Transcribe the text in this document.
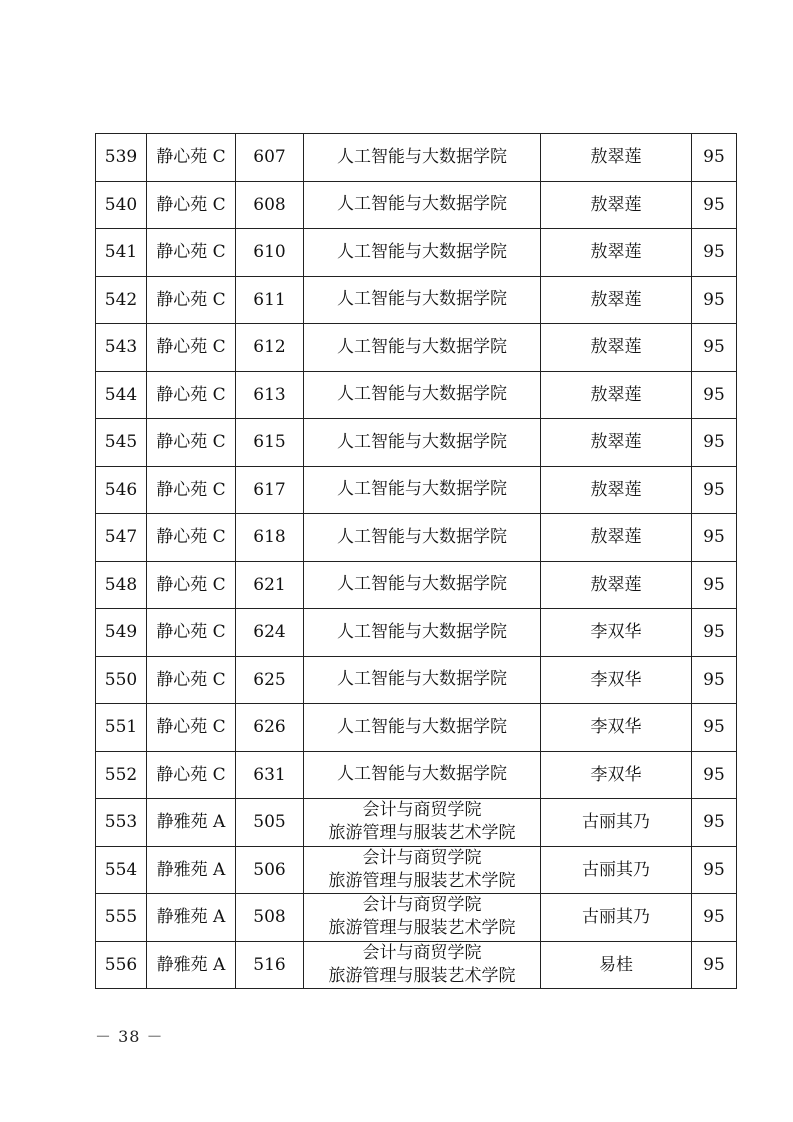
539	静心苑 C	607	人工智能与大数据学院	敖翠莲	95
540	静心苑 C	608	人工智能与大数据学院	敖翠莲	95
541	静心苑 C	610	人工智能与大数据学院	敖翠莲	95
542	静心苑 C	611	人工智能与大数据学院	敖翠莲	95
543	静心苑 C	612	人工智能与大数据学院	敖翠莲	95
544	静心苑 C	613	人工智能与大数据学院	敖翠莲	95
545	静心苑 C	615	人工智能与大数据学院	敖翠莲	95
546	静心苑 C	617	人工智能与大数据学院	敖翠莲	95
547	静心苑 C	618	人工智能与大数据学院	敖翠莲	95
548	静心苑 C	621	人工智能与大数据学院	敖翠莲	95
549	静心苑 C	624	人工智能与大数据学院	李双华	95
550	静心苑 C	625	人工智能与大数据学院	李双华	95
551	静心苑 C	626	人工智能与大数据学院	李双华	95
552	静心苑 C	631	人工智能与大数据学院	李双华	95
553	静雅苑 A	505	会计与商贸学院
旅游管理与服装艺术学院	古丽其乃	95
554	静雅苑 A	506	会计与商贸学院
旅游管理与服装艺术学院	古丽其乃	95
555	静雅苑 A	508	会计与商贸学院
旅游管理与服装艺术学院	古丽其乃	95
556	静雅苑 A	516	会计与商贸学院
旅游管理与服装艺术学院	易桂	95
－ 38 －
